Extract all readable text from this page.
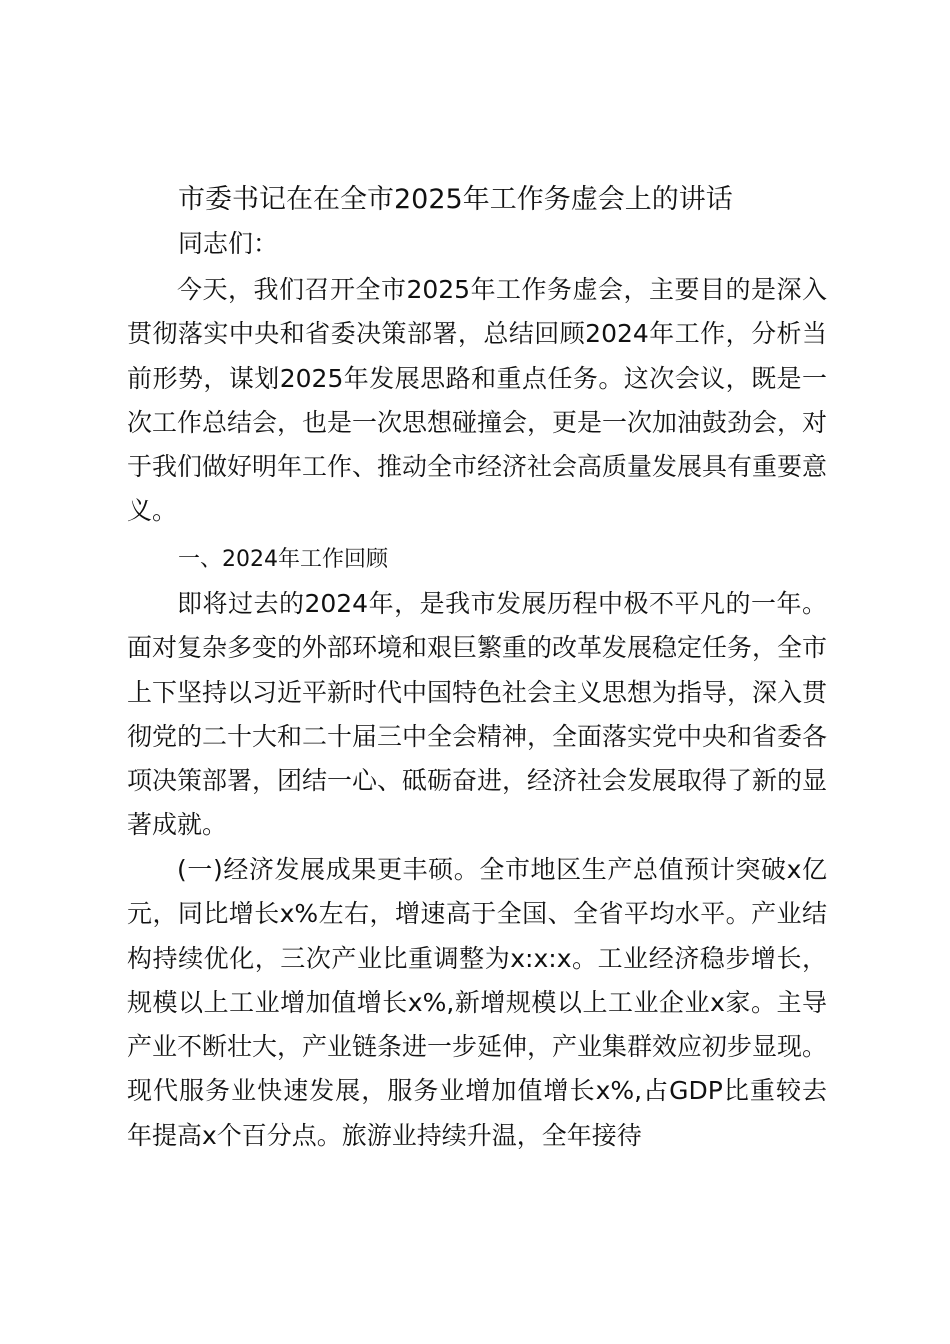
市委书记在在全市2025年工作务虚会上的讲话
同志们：

今天，我们召开全市2025年工作务虚会，主要目的是深入贯彻落实中央和省委决策部署，总结回顾2024年工作，分析当前形势，谋划2025年发展思路和重点任务。这次会议，既是一次工作总结会，也是一次思想碰撞会，更是一次加油鼓劲会，对于我们做好明年工作、推动全市经济社会高质量发展具有重要意义。

一、2024年工作回顾

即将过去的2024年，是我市发展历程中极不平凡的一年。面对复杂多变的外部环境和艰巨繁重的改革发展稳定任务，全市上下坚持以习近平新时代中国特色社会主义思想为指导，深入贯彻党的二十大和二十届三中全会精神，全面落实党中央和省委各项决策部署，团结一心、砥砺奋进，经济社会发展取得了新的显著成就。

(一)经济发展成果更丰硕。全市地区生产总值预计突破x亿元，同比增长x%左右，增速高于全国、全省平均水平。产业结构持续优化，三次产业比重调整为x:x:x。工业经济稳步增长，规模以上工业增加值增长x%,新增规模以上工业企业x家。主导产业不断壮大，产业链条进一步延伸，产业集群效应初步显现。现代服务业快速发展，服务业增加值增长x%,占GDP比重较去年提高x个百分点。旅游业持续升温，全年接待
